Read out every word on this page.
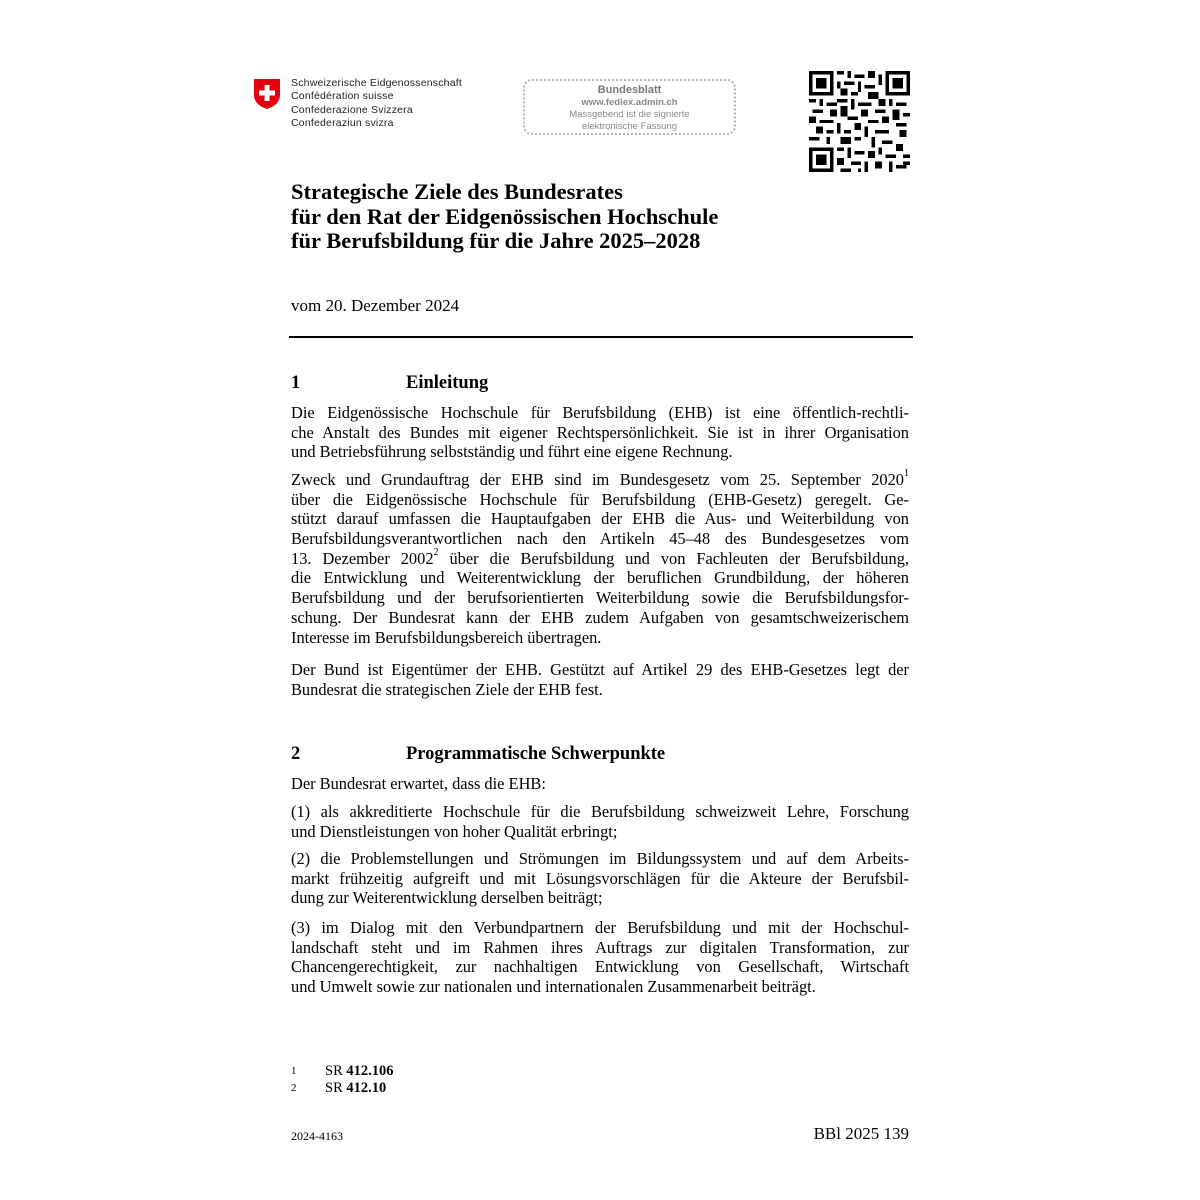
Schweizerische Eidgenossenschaft
Confédération suisse
Confederazione Svizzera
Confederaziun svizra
Bundesblatt
www.fedlex.admin.ch
Massgebend ist die signierte
elektronische Fassung
Strategische Ziele des Bundesrates
für den Rat der Eidgenössischen Hochschule
für Berufsbildung für die Jahre 2025–2028
vom 20. Dezember 2024
1	Einleitung
Die Eidgenössische Hochschule für Berufsbildung (EHB) ist eine öffentlich-rechtli-
che Anstalt des Bundes mit eigener Rechtspersönlichkeit. Sie ist in ihrer Organisation
und Betriebsführung selbstständig und führt eine eigene Rechnung.
Zweck und Grundauftrag der EHB sind im Bundesgesetz vom 25. September 2020$^1$
über die Eidgenössische Hochschule für Berufsbildung (EHB-Gesetz) geregelt. Ge-
stützt darauf umfassen die Hauptaufgaben der EHB die Aus- und Weiterbildung von
Berufsbildungsverantwortlichen nach den Artikeln 45–48 des Bundesgesetzes vom
13. Dezember 2002$^2$ über die Berufsbildung und von Fachleuten der Berufsbildung,
die Entwicklung und Weiterentwicklung der beruflichen Grundbildung, der höheren
Berufsbildung und der berufsorientierten Weiterbildung sowie die Berufsbildungsfor-
schung. Der Bundesrat kann der EHB zudem Aufgaben von gesamtschweizerischem
Interesse im Berufsbildungsbereich übertragen.
Der Bund ist Eigentümer der EHB. Gestützt auf Artikel 29 des EHB-Gesetzes legt der
Bundesrat die strategischen Ziele der EHB fest.
2	Programmatische Schwerpunkte
Der Bundesrat erwartet, dass die EHB:
(1) als akkreditierte Hochschule für die Berufsbildung schweizweit Lehre, Forschung
und Dienstleistungen von hoher Qualität erbringt;
(2) die Problemstellungen und Strömungen im Bildungssystem und auf dem Arbeits-
markt frühzeitig aufgreift und mit Lösungsvorschlägen für die Akteure der Berufsbil-
dung zur Weiterentwicklung derselben beiträgt;
(3) im Dialog mit den Verbundpartnern der Berufsbildung und mit der Hochschul-
landschaft steht und im Rahmen ihres Auftrags zur digitalen Transformation, zur
Chancengerechtigkeit, zur nachhaltigen Entwicklung von Gesellschaft, Wirtschaft
und Umwelt sowie zur nationalen und internationalen Zusammenarbeit beiträgt.
1 SR 412.106
2 SR 412.10
2024-4163	BBl 2025 139
